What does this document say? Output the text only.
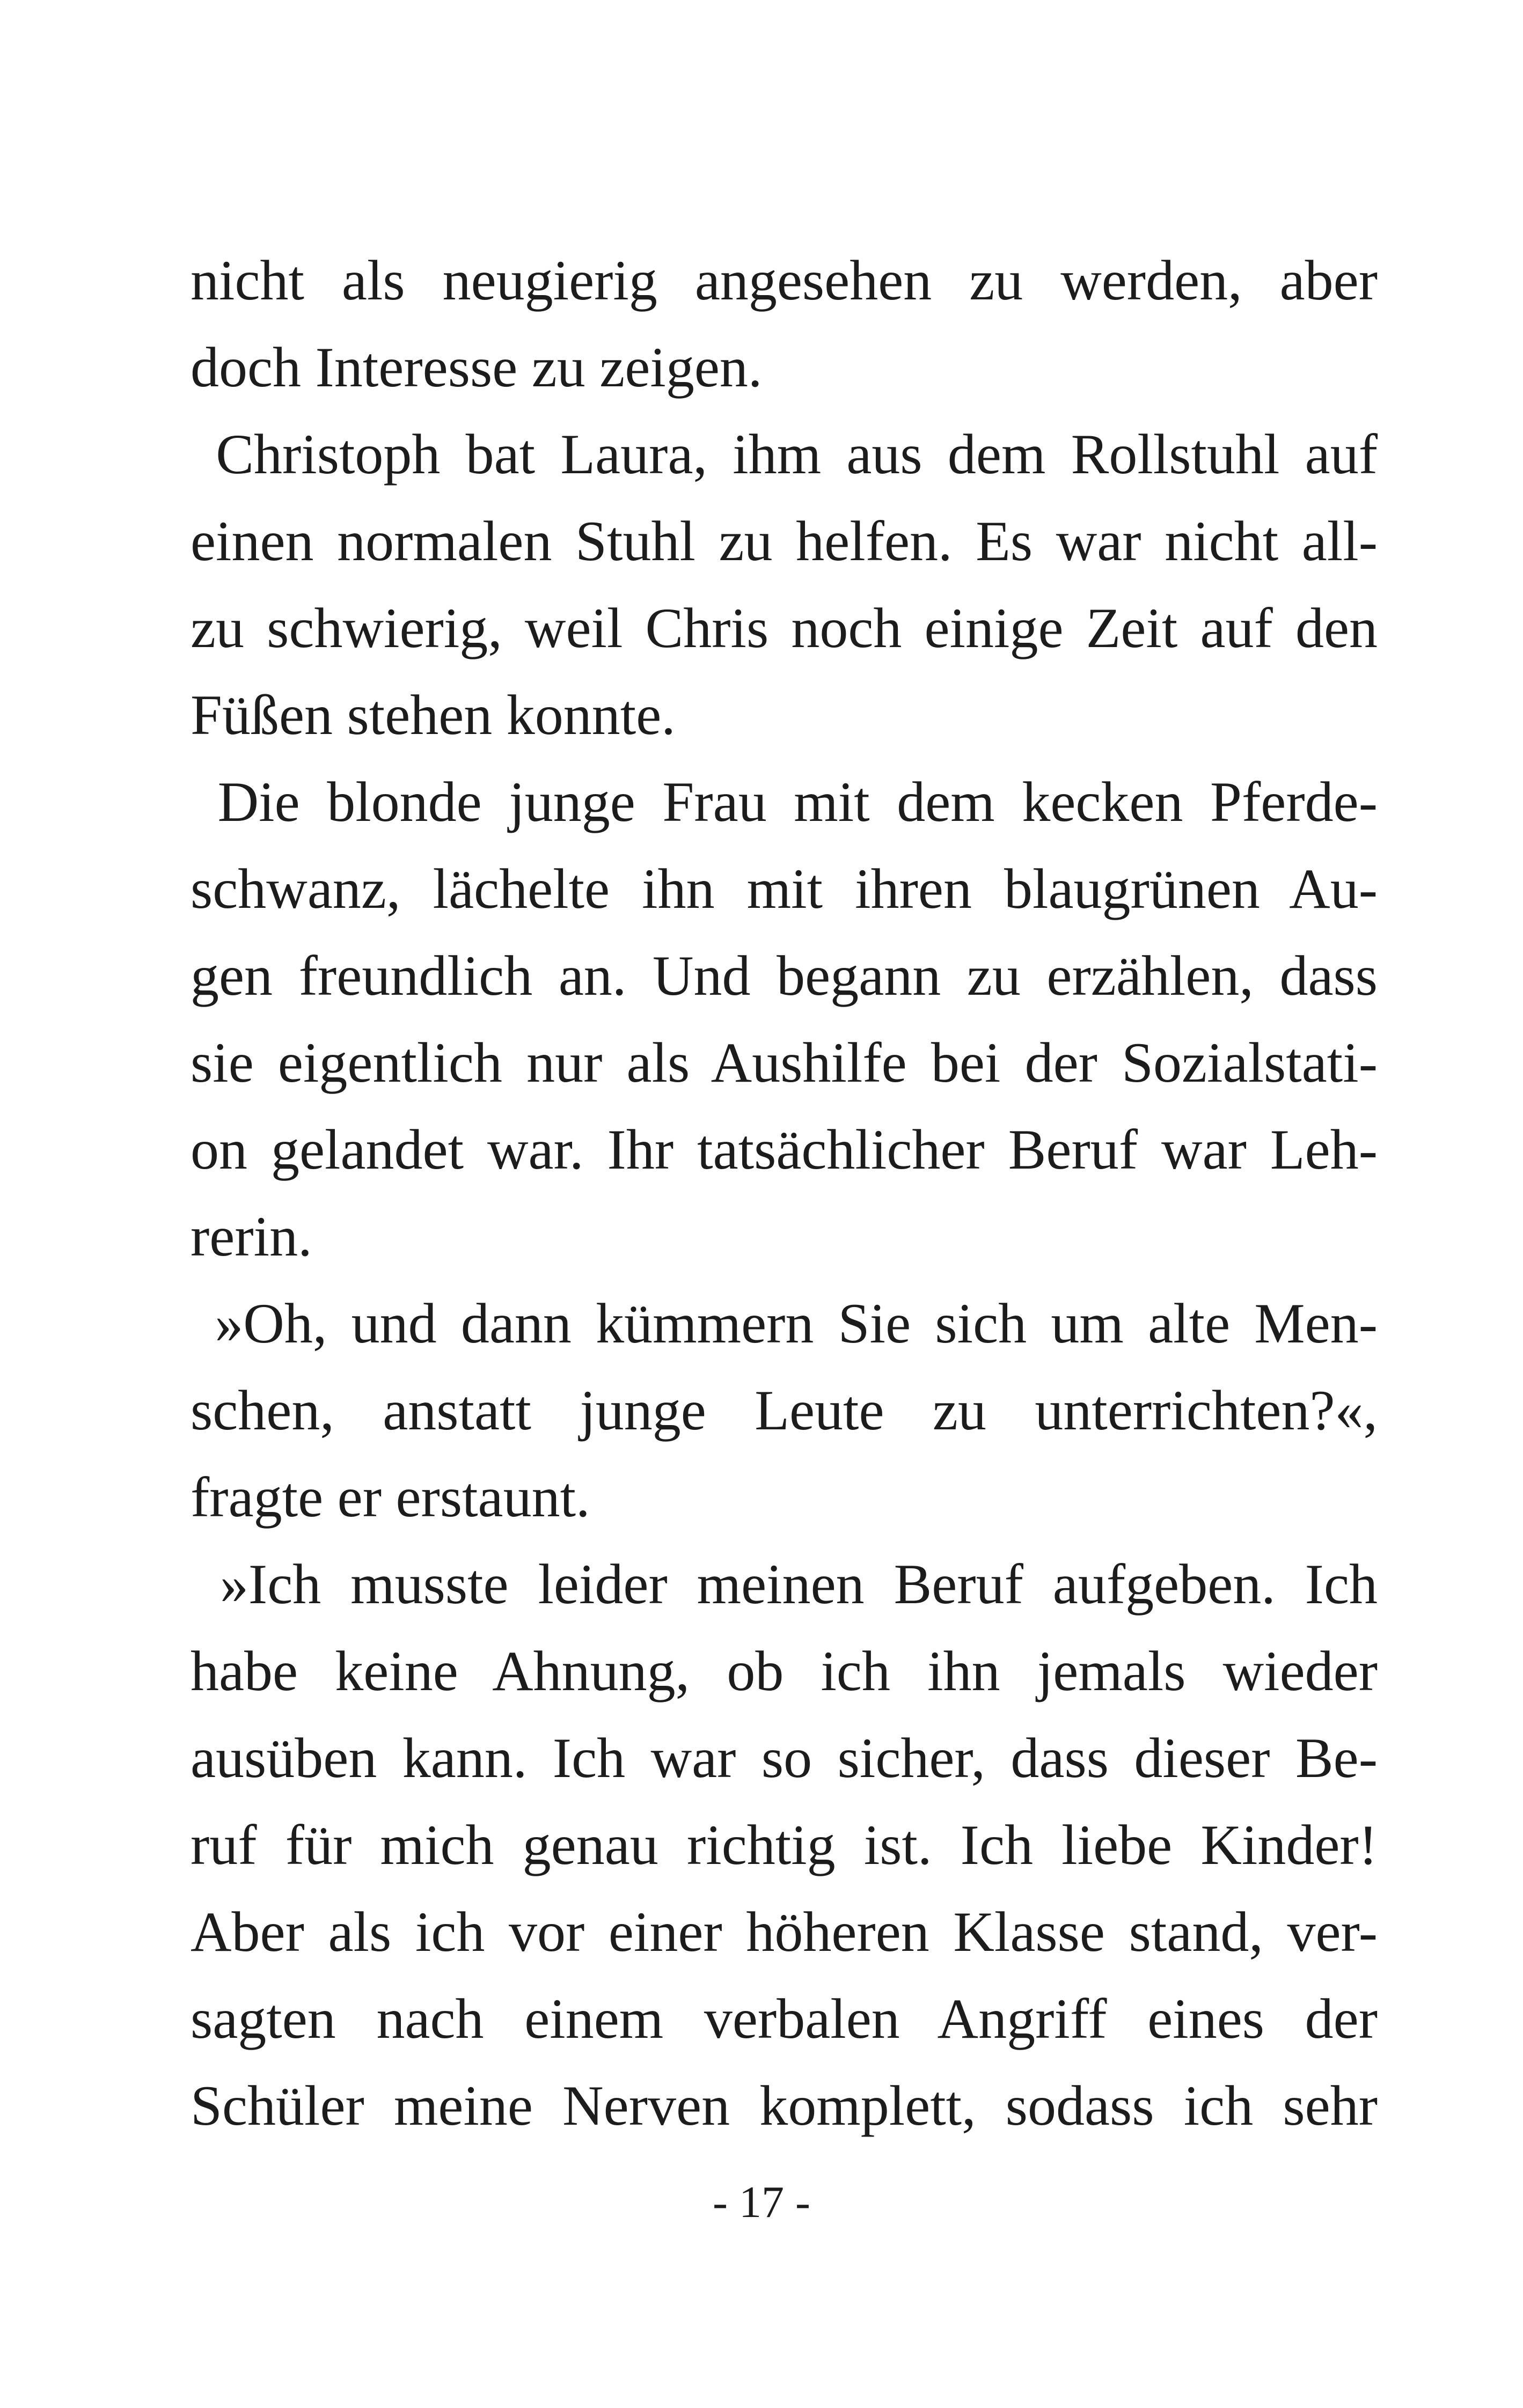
nicht als neugierig angesehen zu werden, aber
doch Interesse zu zeigen.
Christoph bat Laura, ihm aus dem Rollstuhl auf
einen normalen Stuhl zu helfen. Es war nicht all-
zu schwierig, weil Chris noch einige Zeit auf den
Füßen stehen konnte.
Die blonde junge Frau mit dem kecken Pferde-
schwanz, lächelte ihn mit ihren blaugrünen Au-
gen freundlich an. Und begann zu erzählen, dass
sie eigentlich nur als Aushilfe bei der Sozialstati-
on gelandet war. Ihr tatsächlicher Beruf war Leh-
rerin.
»Oh, und dann kümmern Sie sich um alte Men-
schen, anstatt junge Leute zu unterrichten?«,
fragte er erstaunt.
»Ich musste leider meinen Beruf aufgeben. Ich
habe keine Ahnung, ob ich ihn jemals wieder
ausüben kann. Ich war so sicher, dass dieser Be-
ruf für mich genau richtig ist. Ich liebe Kinder!
Aber als ich vor einer höheren Klasse stand, ver-
sagten nach einem verbalen Angriff eines der
Schüler meine Nerven komplett, sodass ich sehr
- 17 -
